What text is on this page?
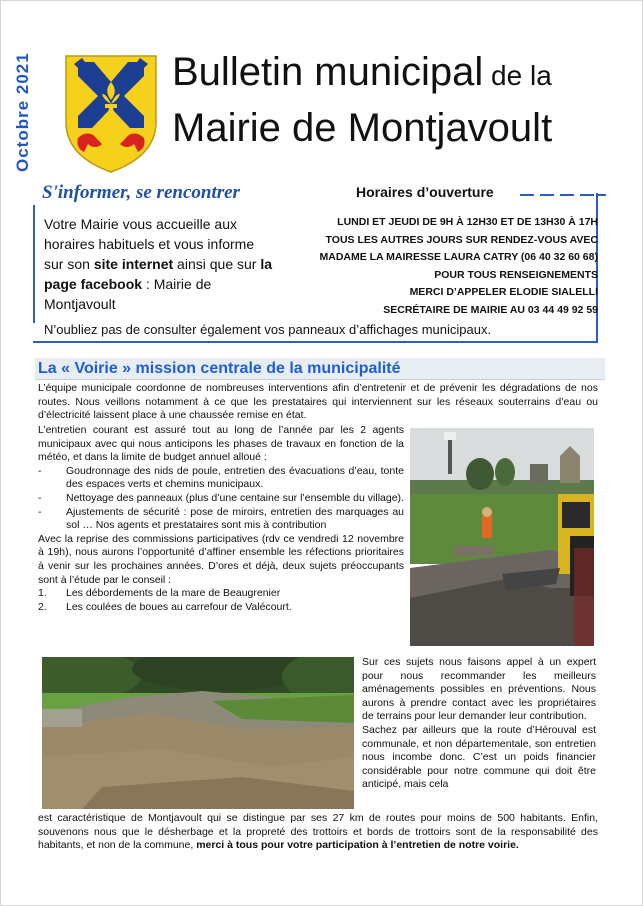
Octobre 2021	Bulletin municipal de la
Mairie de Montjavoult
S'informer, se rencontrer	Horaires d’ouverture
Votre Mairie vous accueille aux horaires habituels et vous informe sur son site internet ainsi que sur la page facebook : Mairie de Montjavoult
LUNDI ET JEUDI DE 9H À 12H30 ET DE 13H30 À 17H
TOUS LES AUTRES JOURS SUR RENDEZ-VOUS AVEC
MADAME LA MAIRESSE LAURA CATRY (06 40 32 60 68)
POUR TOUS RENSEIGNEMENTS
MERCI D’APPELER ELODIE SIALELLI
SECRÉTAIRE DE MAIRIE AU 03 44 49 92 59
N’oubliez pas de consulter également vos panneaux d’affichages municipaux.
La « Voirie » mission centrale de la municipalité
L’équipe municipale coordonne de nombreuses interventions afin d’entretenir et de prévenir les dégradations de nos routes. Nous veillons notamment à ce que les prestataires qui interviennent sur les réseaux souterrains d’eau ou d’électricité laissent place à une chaussée remise en état.
L’entretien courant est assuré tout au long de l’année par les 2 agents municipaux avec qui nous anticipons les phases de travaux en fonction de la météo, et dans la limite de budget annuel alloué :
- Goudronnage des nids de poule, entretien des évacuations d’eau, tonte des espaces verts et chemins municipaux.
- Nettoyage des panneaux (plus d’une centaine sur l’ensemble du village).
- Ajustements de sécurité : pose de miroirs, entretien des marquages au sol … Nos agents et prestataires sont mis à contribution
Avec la reprise des commissions participatives (rdv ce vendredi 12 novembre à 19h), nous aurons l’opportunité d’affiner ensemble les réfections prioritaires à venir sur les prochaines années. D’ores et déjà, deux sujets préoccupants sont à l’étude par le conseil :
1. Les débordements de la mare de Beaugrenier
2. Les coulées de boues au carrefour de Valécourt.
Sur ces sujets nous faisons appel à un expert pour nous recommander les meilleurs aménagements possibles en préventions. Nous aurons à prendre contact avec les propriétaires de terrains pour leur demander leur contribution.
Sachez par ailleurs que la route d’Hérouval est communale, et non départementale, son entretien nous incombe donc. C’est un poids financier considérable pour notre commune qui doit être anticipé, mais cela
est caractéristique de Montjavoult qui se distingue par ses 27 km de routes pour moins de 500 habitants. Enfin, souvenons nous que le désherbage et la propreté des trottoirs et bords de trottoirs sont de la responsabilité des habitants, et non de la commune, merci à tous pour votre participation à l’entretien de notre voirie.
